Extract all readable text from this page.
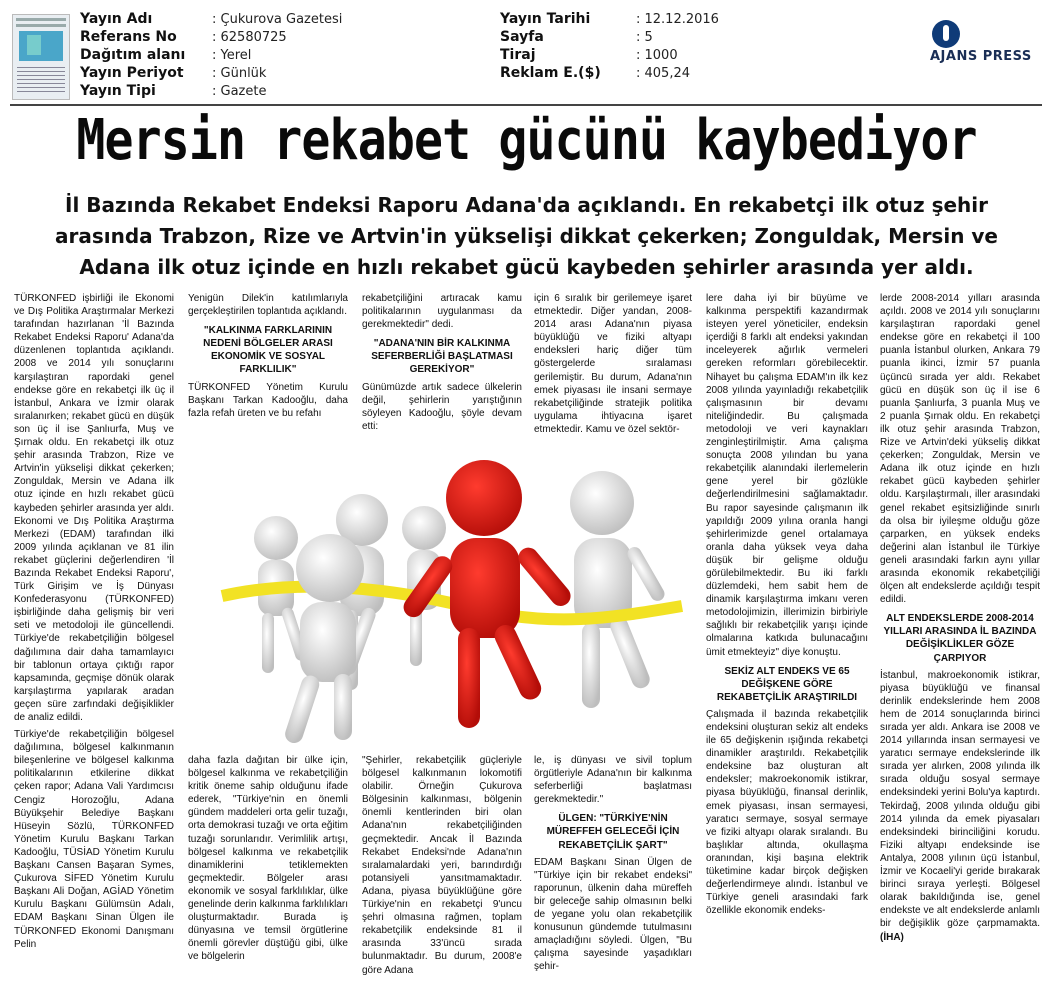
Yayın Adı	: Çukurova Gazetesi
Referans No	: 62580725
Dağıtım alanı : Yerel
Yayın Periyot : Günlük
Yayın Tipi	: Gazete
Yayın Tarihi	: 12.12.2016
Sayfa	: 5
Tiraj	: 1000
Reklam E.($)	: 405,24
AJANS PRESS
Mersin rekabet gücünü kaybediyor

İl Bazında Rekabet Endeksi Raporu Adana'da açıklandı. En rekabetçi ilk otuz şehir arasında Trabzon, Rize ve Artvin'in yükselişi dikkat çekerken; Zonguldak, Mersin ve Adana ilk otuz içinde en hızlı rekabet gücü kaybeden şehirler arasında yer aldı.

TÜRKONFED işbirliği ile Ekonomi ve Dış Politika Araştırmalar Merkezi tarafından hazırlanan 'İl Bazında Rekabet Endeksi Raporu' Adana'da düzenlenen toplantıda açıklandı. 2008 ve 2014 yılı sonuçlarını karşılaştıran rapordaki genel endekse göre en rekabetçi ilk üç il İstanbul, Ankara ve İzmir olarak sıralanırken; rekabet gücü en düşük son üç il ise Şanlıurfa, Muş ve Şırnak oldu. En rekabetçi ilk otuz şehir arasında Trabzon, Rize ve Artvin'in yükselişi dikkat çekerken; Zonguldak, Mersin ve Adana ilk otuz içinde en hızlı rekabet gücü kaybeden şehirler arasında yer aldı. Ekonomi ve Dış Politika Araştırma Merkezi (EDAM) tarafından ilki 2009 yılında açıklanan ve 81 ilin rekabet güçlerini değerlendiren 'İl Bazında Rekabet Endeksi Raporu', Türk Girişim ve İş Dünyası Konfederasyonu (TÜRKONFED) işbirliğinde daha gelişmiş bir veri seti ve metodoloji ile güncellendi. Türkiye'de rekabetçiliğin bölgesel dağılımına dair daha tamamlayıcı bir tablonun ortaya çıktığı rapor kapsamında, geçmişe dönük olarak karşılaştırma yapılarak aradan geçen süre zarfındaki değişiklikler de analiz edildi.

Türkiye'de rekabetçiliğin bölgesel dağılımına, bölgesel kalkınmanın bileşenlerine ve bölgesel kalkınma politikalarının etkilerine dikkat çeken rapor; Adana Vali Yardımcısı Cengiz Horozoğlu, Adana Büyükşehir Belediye Başkanı Hüseyin Sözlü, TÜRKONFED Yönetim Kurulu Başkanı Tarkan Kadooğlu, TÜSİAD Yönetim Kurulu Başkanı Cansen Başaran Symes, Çukurova SİFED Yönetim Kurulu Başkanı Ali Doğan, AGİAD Yönetim Kurulu Başkanı Gülümsün Adalı, EDAM Başkanı Sinan Ülgen ile TÜRKONFED Ekonomi Danışmanı Pelin

Yenigün Dilek'in katılımlarıyla gerçekleştirilen toplantıda açıklandı.

"KALKINMA FARKLARININ NEDENİ BÖLGELER ARASI EKONOMİK VE SOSYAL FARKLILIK"

TÜRKONFED Yönetim Kurulu Başkanı Tarkan Kadooğlu, daha fazla refah üreten ve bu refahı

rekabetçiliğini artıracak kamu politikalarının uygulanması da gerekmektedir" dedi.

"ADANA'NIN BİR KALKINMA SEFERBERLİĞİ BAŞLATMASI GEREKİYOR"

Günümüzde artık sadece ülkelerin değil, şehirlerin yarıştığının söyleyen Kadooğlu, şöyle devam etti:

için 6 sıralık bir gerilemeye işaret etmektedir. Diğer yandan, 2008-2014 arası Adana'nın piyasa büyüklüğü ve fiziki altyapı endeksleri hariç diğer tüm göstergelerde sıralaması gerilemiştir. Bu durum, Adana'nın emek piyasası ile insani sermaye rekabetçiliğinde stratejik politika uygulama ihtiyacına işaret etmektedir. Kamu ve özel sektör-

lere daha iyi bir büyüme ve kalkınma perspektifi kazandırmak isteyen yerel yöneticiler, endeksin içerdiği 8 farklı alt endeksi yakından inceleyerek ağırlık vermeleri gereken reformları görebilecektir. Nihayet bu çalışma EDAM'ın ilk kez 2008 yılında yayınladığı rekabetçilik çalışmasının bir devamı niteliğindedir. Bu çalışmada metodoloji ve veri kaynakları zenginleştirilmiştir. Ama çalışma sonuçta 2008 yılından bu yana rekabetçilik alanındaki ilerlemelerin gene yerel bir gözlükle değerlendirilmesini sağlamaktadır. Bu rapor sayesinde çalışmanın ilk yapıldığı 2009 yılına oranla hangi şehirlerimizde genel ortalamaya oranla daha yüksek veya daha düşük bir gelişme olduğu görülebilmektedir. Bu iki farklı düzlemdeki, hem sabit hem de dinamik karşılaştırma imkanı veren metodolojimizin, illerimizin birbiriyle sağlıklı bir rekabetçilik yarışı içinde olmalarına katkıda bulunacağını ümit etmekteyiz" diye konuştu.

SEKİZ ALT ENDEKS VE 65 DEĞİŞKENE GÖRE REKABETÇİLİK ARAŞTIRILDI

Çalışmada il bazında rekabetçilik endeksini oluşturan sekiz alt endeks ile 65 değişkenin ışığında rekabetçi dinamikler araştırıldı. Rekabetçilik endeksine baz oluşturan alt endeksler; makroekonomik istikrar, piyasa büyüklüğü, finansal derinlik, emek piyasası, insan sermayesi, yaratıcı sermaye, sosyal sermaye ve fiziki altyapı olarak sıralandı. Bu başlıklar altında, okullaşma oranından, kişi başına elektrik tüketimine kadar birçok değişken değerlendirmeye alındı. İstanbul ve Türkiye geneli arasındaki fark özellikle ekonomik endeks-

lerde 2008-2014 yılları arasında açıldı. 2008 ve 2014 yılı sonuçlarını karşılaştıran rapordaki genel endekse göre en rekabetçi il 100 puanla İstanbul olurken, Ankara 79 puanla ikinci, İzmir 57 puanla üçüncü sırada yer aldı. Rekabet gücü en düşük son üç il ise 6 puanla Şanlıurfa, 3 puanla Muş ve 2 puanla Şırnak oldu. En rekabetçi ilk otuz şehir arasında Trabzon, Rize ve Artvin'deki yükseliş dikkat çekerken; Zonguldak, Mersin ve Adana ilk otuz içinde en hızlı rekabet gücü kaybeden şehirler oldu. Karşılaştırmalı, iller arasındaki genel rekabet eşitsizliğinde sınırlı da olsa bir iyileşme olduğu göze çarparken, en yüksek endeks değerini alan İstanbul ile Türkiye geneli arasındaki farkın aynı yıllar arasında ekonomik rekabetçiliği ölçen alt endekslerde açıldığı tespit edildi.

ALT ENDEKSLERDE 2008-2014 YILLARI ARASINDA İL BAZINDA DEĞİŞİKLİKLER GÖZE ÇARPIYOR

İstanbul, makroekonomik istikrar, piyasa büyüklüğü ve finansal derinlik endekslerinde hem 2008 hem de 2014 sonuçlarında birinci sırada yer aldı. Ankara ise 2008 ve 2014 yıllarında insan sermayesi ve yaratıcı sermaye endekslerinde ilk sırada yer alırken, 2008 yılında ilk sırada olduğu sosyal sermaye endeksindeki yerini Bolu'ya kaptırdı. Tekirdağ, 2008 yılında olduğu gibi 2014 yılında da emek piyasaları endeksindeki birinciliğini korudu. Fiziki altyapı endeksinde ise Antalya, 2008 yılının üçü İstanbul, İzmir ve Kocaeli'yi geride bırakarak birinci sıraya yerleşti. Bölgesel olarak bakıldığında ise, genel endekste ve alt endekslerde anlamlı bir değişiklik göze çarpmamakta. (İHA)

daha fazla dağıtan bir ülke için, bölgesel kalkınma ve rekabetçiliğin kritik öneme sahip olduğunu ifade ederek, "Türkiye'nin en önemli gündem maddeleri orta gelir tuzağı, orta demokrasi tuzağı ve orta eğitim tuzağı sorunlarıdır. Verimlilik artışı, bölgesel kalkınma ve rekabetçilik dinamiklerini tetiklemekten geçmektedir. Bölgeler arası ekonomik ve sosyal farklılıklar, ülke genelinde derin kalkınma farklılıkları oluşturmaktadır. Burada iş dünyasına ve temsil örgütlerine önemli görevler düştüğü gibi, ülke ve bölgelerin

"Şehirler, rekabetçilik güçleriyle bölgesel kalkınmanın lokomotifi olabilir. Örneğin Çukurova Bölgesinin kalkınması, bölgenin önemli kentlerinden biri olan Adana'nın rekabetçiliğinden geçmektedir. Ancak İl Bazında Rekabet Endeksi'nde Adana'nın sıralamalardaki yeri, barındırdığı potansiyeli yansıtmamaktadır. Adana, piyasa büyüklüğüne göre Türkiye'nin en rekabetçi 9'uncu şehri olmasına rağmen, toplam rekabetçilik endeksinde 81 il arasında 33'üncü sırada bulunmaktadır. Bu durum, 2008'e göre Adana

le, iş dünyası ve sivil toplum örgütleriyle Adana'nın bir kalkınma seferberliği başlatması gerekmektedir."

ÜLGEN: "TÜRKİYE'NİN MÜREFFEH GELECEĞİ İÇİN REKABETÇİLİK ŞART"

EDAM Başkanı Sinan Ülgen de "Türkiye için bir rekabet endeksi" raporunun, ülkenin daha müreffeh bir geleceğe sahip olmasının belki de yegane yolu olan rekabetçilik konusunun gündemde tutulmasını amaçladığını söyledi. Ülgen, "Bu çalışma sayesinde yaşadıkları şehir-
